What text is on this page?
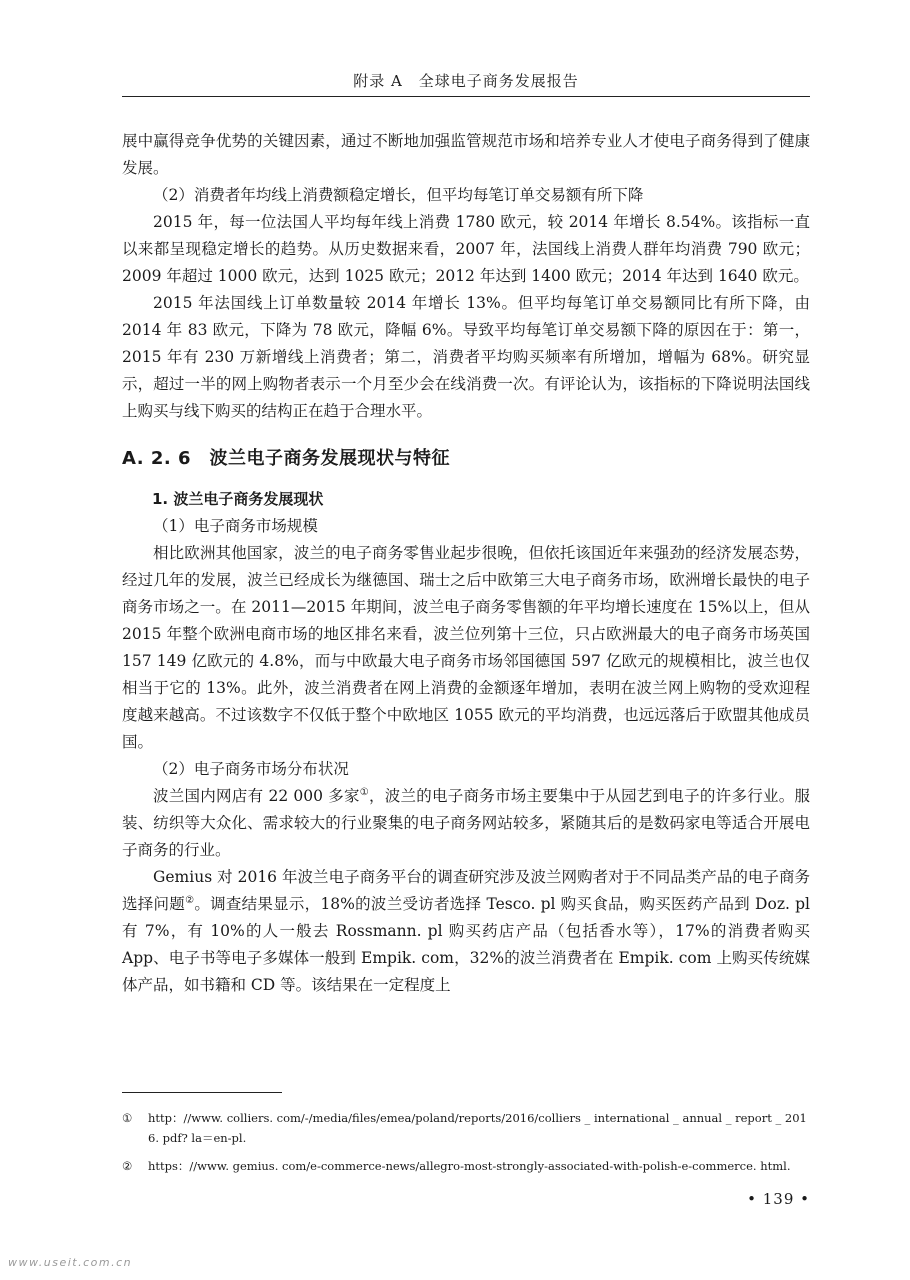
附录 A　全球电子商务发展报告

展中赢得竞争优势的关键因素，通过不断地加强监管规范市场和培养专业人才使电子商务得到了健康发展。

（2）消费者年均线上消费额稳定增长，但平均每笔订单交易额有所下降

2015 年，每一位法国人平均每年线上消费 1780 欧元，较 2014 年增长 8.54%。该指标一直以来都呈现稳定增长的趋势。从历史数据来看，2007 年，法国线上消费人群年均消费 790 欧元；2009 年超过 1000 欧元，达到 1025 欧元；2012 年达到 1400 欧元；2014 年达到 1640 欧元。

2015 年法国线上订单数量较 2014 年增长 13%。但平均每笔订单交易额同比有所下降，由 2014 年 83 欧元，下降为 78 欧元，降幅 6%。导致平均每笔订单交易额下降的原因在于：第一，2015 年有 230 万新增线上消费者；第二，消费者平均购买频率有所增加，增幅为 68%。研究显示，超过一半的网上购物者表示一个月至少会在线消费一次。有评论认为，该指标的下降说明法国线上购买与线下购买的结构正在趋于合理水平。

A. 2. 6　波兰电子商务发展现状与特征

1. 波兰电子商务发展现状

（1）电子商务市场规模

相比欧洲其他国家，波兰的电子商务零售业起步很晚，但依托该国近年来强劲的经济发展态势，经过几年的发展，波兰已经成长为继德国、瑞士之后中欧第三大电子商务市场，欧洲增长最快的电子商务市场之一。在 2011—2015 年期间，波兰电子商务零售额的年平均增长速度在 15%以上，但从 2015 年整个欧洲电商市场的地区排名来看，波兰位列第十三位，只占欧洲最大的电子商务市场英国 157 149 亿欧元的 4.8%，而与中欧最大电子商务市场邻国德国 597 亿欧元的规模相比，波兰也仅相当于它的 13%。此外，波兰消费者在网上消费的金额逐年增加，表明在波兰网上购物的受欢迎程度越来越高。不过该数字不仅低于整个中欧地区 1055 欧元的平均消费，也远远落后于欧盟其他成员国。

（2）电子商务市场分布状况

波兰国内网店有 22 000 多家①，波兰的电子商务市场主要集中于从园艺到电子的许多行业。服装、纺织等大众化、需求较大的行业聚集的电子商务网站较多，紧随其后的是数码家电等适合开展电子商务的行业。

Gemius 对 2016 年波兰电子商务平台的调查研究涉及波兰网购者对于不同品类产品的电子商务选择问题②。调查结果显示，18%的波兰受访者选择 Tesco. pl 购买食品，购买医药产品到 Doz. pl 有 7%，有 10%的人一般去 Rossmann. pl 购买药店产品（包括香水等），17%的消费者购买 App、电子书等电子多媒体一般到 Empik. com，32%的波兰消费者在 Empik. com 上购买传统媒体产品，如书籍和 CD 等。该结果在一定程度上

①	http：//www. colliers. com/-/media/files/emea/poland/reports/2016/colliers _ international _ annual _ report _ 2016. pdf? la＝en-pl.
②	https：//www. gemius. com/e-commerce-news/allegro-most-strongly-associated-with-polish-e-commerce. html.
• 139 •
www.useit.com.cn
